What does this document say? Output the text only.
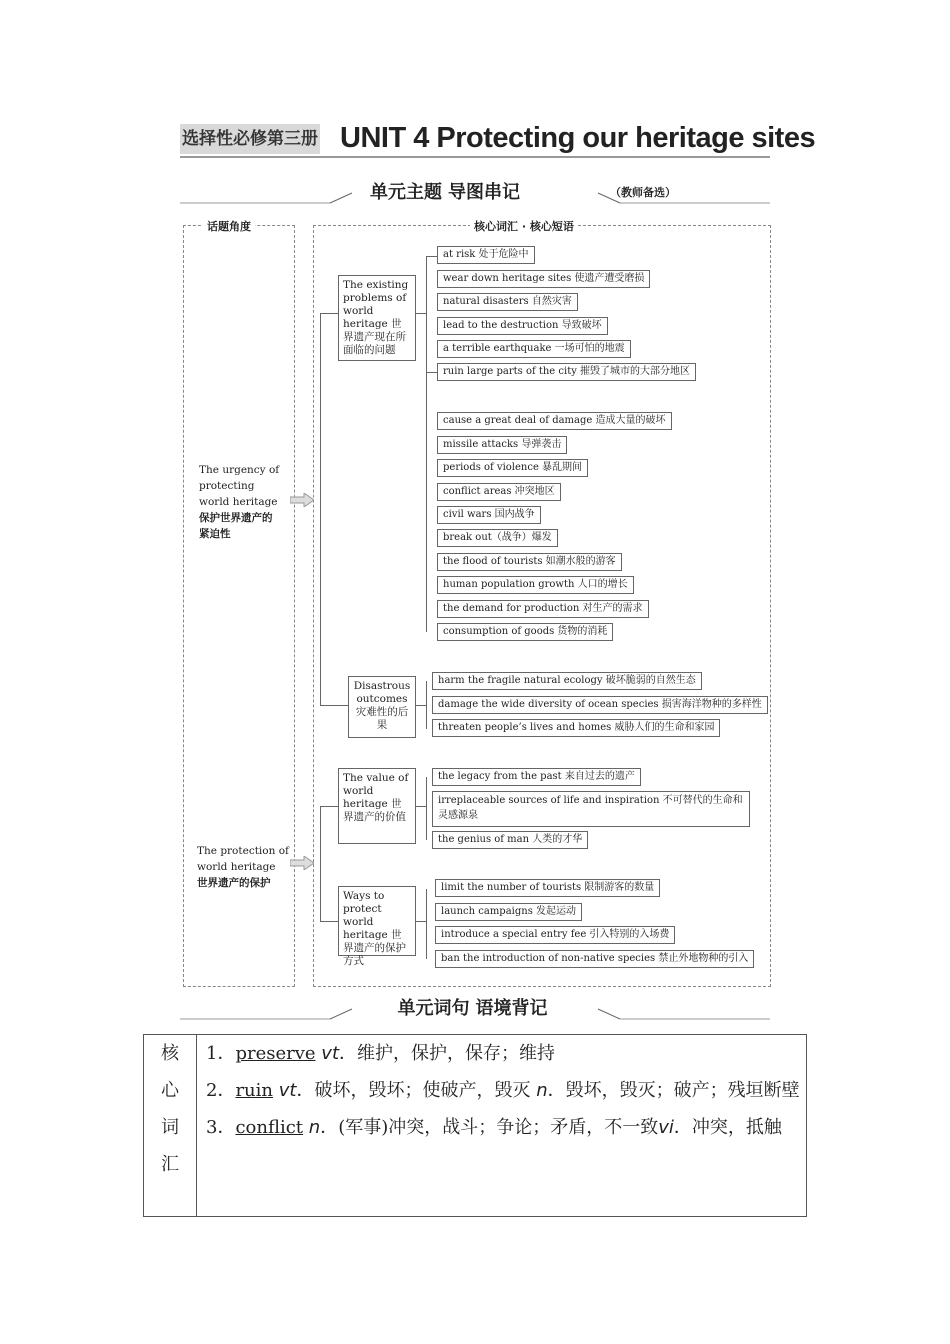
选择性必修第三册 UNIT 4 Protecting our heritage sites
单元主题 导图串记	（教师备选）
话题角度	核心词汇 · 核心短语
The urgency of protecting world heritage
保护世界遗产的紧迫性
The protection of world heritage
世界遗产的保护
The existing problems of world heritage 世界遗产现在所面临的问题
Disastrous outcomes 灾难性的后果
The value of world heritage 世界遗产的价值
Ways to protect world heritage 世界遗产的保护方式
at risk 处于危险中
wear down heritage sites 使遗产遭受磨损
natural disasters 自然灾害
lead to the destruction 导致破坏
a terrible earthquake 一场可怕的地震
ruin large parts of the city 摧毁了城市的大部分地区
cause a great deal of damage 造成大量的破坏
missile attacks 导弹袭击
periods of violence 暴乱期间
conflict areas 冲突地区
civil wars 国内战争
break out（战争）爆发
the flood of tourists 如潮水般的游客
human population growth 人口的增长
the demand for production 对生产的需求
consumption of goods 货物的消耗
harm the fragile natural ecology 破坏脆弱的自然生态
damage the wide diversity of ocean species 损害海洋物种的多样性
threaten people’s lives and homes 威胁人们的生命和家园
the legacy from the past 来自过去的遗产
irreplaceable sources of life and inspiration 不可替代的生命和灵感源泉
the genius of man 人类的才华
limit the number of tourists 限制游客的数量
launch campaigns 发起运动
introduce a special entry fee 引入特别的入场费
ban the introduction of non-native species 禁止外地物种的引入
单元词句 语境背记
核
心
词
汇

1．preserve vt．维护，保护，保存；维持

2．ruin vt．破坏，毁坏；使破产，毁灭 n．毁坏，毁灭；破产；残垣断壁

3．conflict n．(军事)冲突，战斗；争论；矛盾，不一致vi．冲突，抵触
